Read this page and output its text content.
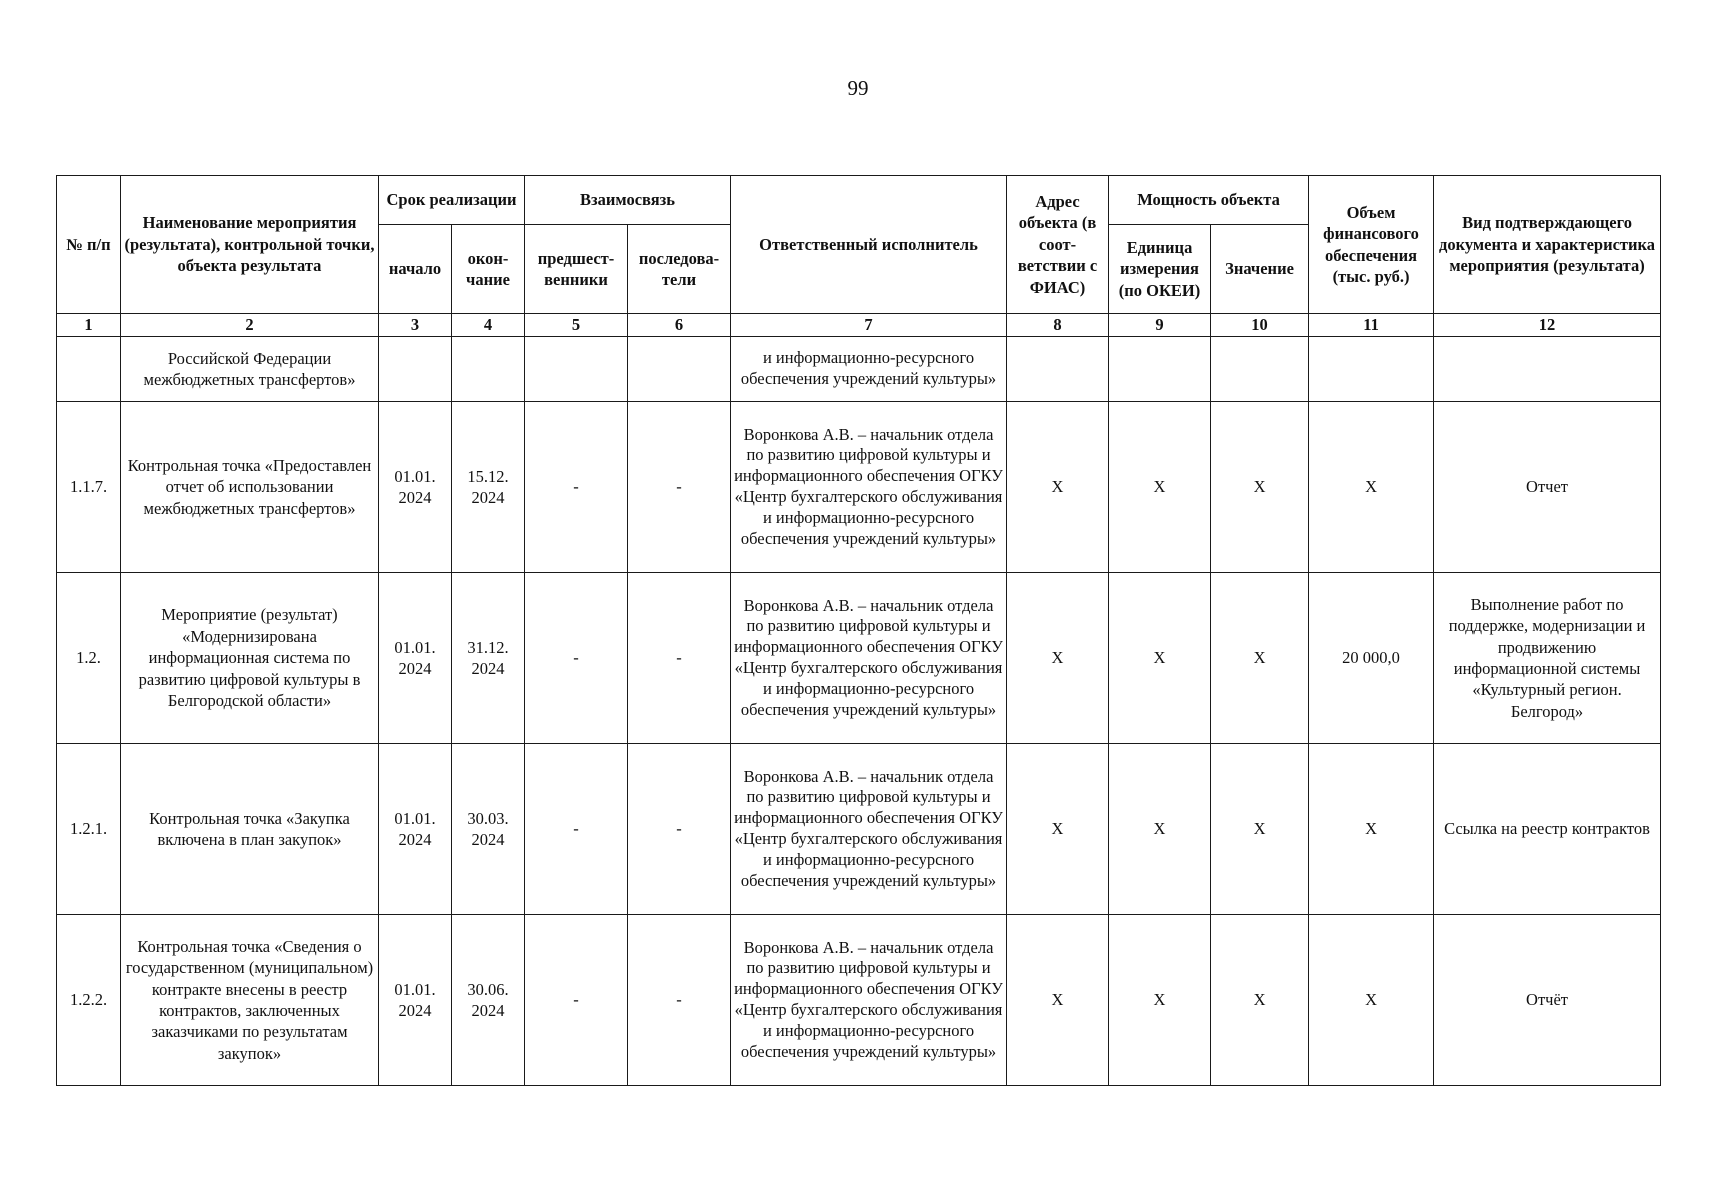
99
№ п/п	Наименование мероприятия (результата), контрольной точки, объекта результата	Срок реализации		Взаимосвязь		Ответственный исполнитель	Адрес объекта (в соот-ветствии с ФИАС)	Мощность объекта		Объем финансового обеспечения (тыс. руб.)	Вид подтверждающего документа и характеристика мероприятия (результата)
		начало	окон-чание	предшест-венники	последова-тели			Единица измерения (по ОКЕИ)	Значение		
1	2	3	4	5	6	7	8	9	10	11	12
	Российской Федерации межбюджетных трансфертов»					и информационно-ресурсного обеспечения учреждений культуры»					
1.1.7.	Контрольная точка «Предоставлен отчет об использовании межбюджетных трансфертов»	01.01. 2024	15.12. 2024	-	-	Воронкова А.В. – начальник отдела по развитию цифровой культуры и информационного обеспечения ОГКУ «Центр бухгалтерского обслуживания и информационно-ресурсного обеспечения учреждений культуры»	Х	Х	Х	Х	Отчет
1.2.	Мероприятие (результат) «Модернизирована информационная система по развитию цифровой культуры в Белгородской области»	01.01. 2024	31.12. 2024	-	-	Воронкова А.В. – начальник отдела по развитию цифровой культуры и информационного обеспечения ОГКУ «Центр бухгалтерского обслуживания и информационно-ресурсного обеспечения учреждений культуры»	Х	Х	Х	20 000,0	Выполнение работ по поддержке, модернизации и продвижению информационной системы «Культурный регион. Белгород»
1.2.1.	Контрольная точка «Закупка включена в план закупок»	01.01. 2024	30.03. 2024	-	-	Воронкова А.В. – начальник отдела по развитию цифровой культуры и информационного обеспечения ОГКУ «Центр бухгалтерского обслуживания и информационно-ресурсного обеспечения учреждений культуры»	Х	Х	Х	Х	Ссылка на реестр контрактов
1.2.2.	Контрольная точка «Сведения о государственном (муниципальном) контракте внесены в реестр контрактов, заключенных заказчиками по результатам закупок»	01.01. 2024	30.06. 2024	-	-	Воронкова А.В. – начальник отдела по развитию цифровой культуры и информационного обеспечения ОГКУ «Центр бухгалтерского обслуживания и информационно-ресурсного обеспечения учреждений культуры»	Х	Х	Х	Х	Отчёт
